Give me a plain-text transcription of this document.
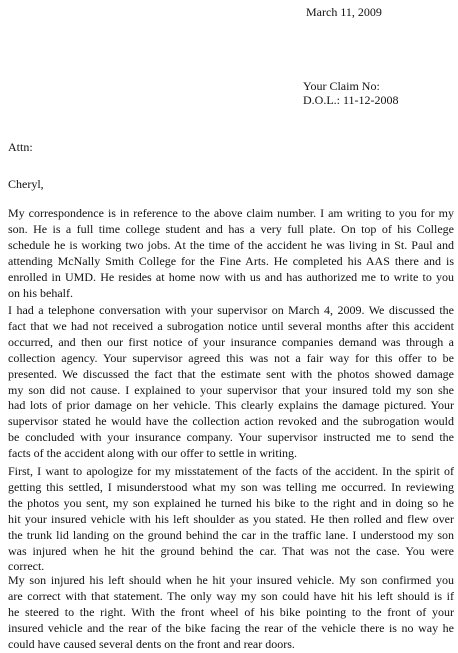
March 11, 2009
Your Claim No:
D.O.L.: 11-12-2008
Attn:
Cheryl,
My correspondence is in reference to the above claim number. I am writing to you for my
son. He is a full time college student and has a very full plate. On top of his College
schedule he is working two jobs. At the time of the accident he was living in St. Paul and
attending McNally Smith College for the Fine Arts. He completed his AAS there and is
enrolled in UMD. He resides at home now with us and has authorized me to write to you
on his behalf.
I had a telephone conversation with your supervisor on March 4, 2009. We discussed the
fact that we had not received a subrogation notice until several months after this accident
occurred, and then our first notice of your insurance companies demand was through a
collection agency. Your supervisor agreed this was not a fair way for this offer to be
presented. We discussed the fact that the estimate sent with the photos showed damage
my son did not cause. I explained to your supervisor that your insured told my son she
had lots of prior damage on her vehicle. This clearly explains the damage pictured. Your
supervisor stated he would have the collection action revoked and the subrogation would
be concluded with your insurance company. Your supervisor instructed me to send the
facts of the accident along with our offer to settle in writing.
First, I want to apologize for my misstatement of the facts of the accident. In the spirit of
getting this settled, I misunderstood what my son was telling me occurred. In reviewing
the photos you sent, my son explained he turned his bike to the right and in doing so he
hit your insured vehicle with his left shoulder as you stated. He then rolled and flew over
the trunk lid landing on the ground behind the car in the traffic lane. I understood my son
was injured when he hit the ground behind the car. That was not the case. You were
correct.
My son injured his left should when he hit your insured vehicle. My son confirmed you
are correct with that statement. The only way my son could have hit his left should is if
he steered to the right. With the front wheel of his bike pointing to the front of your
insured vehicle and the rear of the bike facing the rear of the vehicle there is no way he
could have caused several dents on the front and rear doors.
